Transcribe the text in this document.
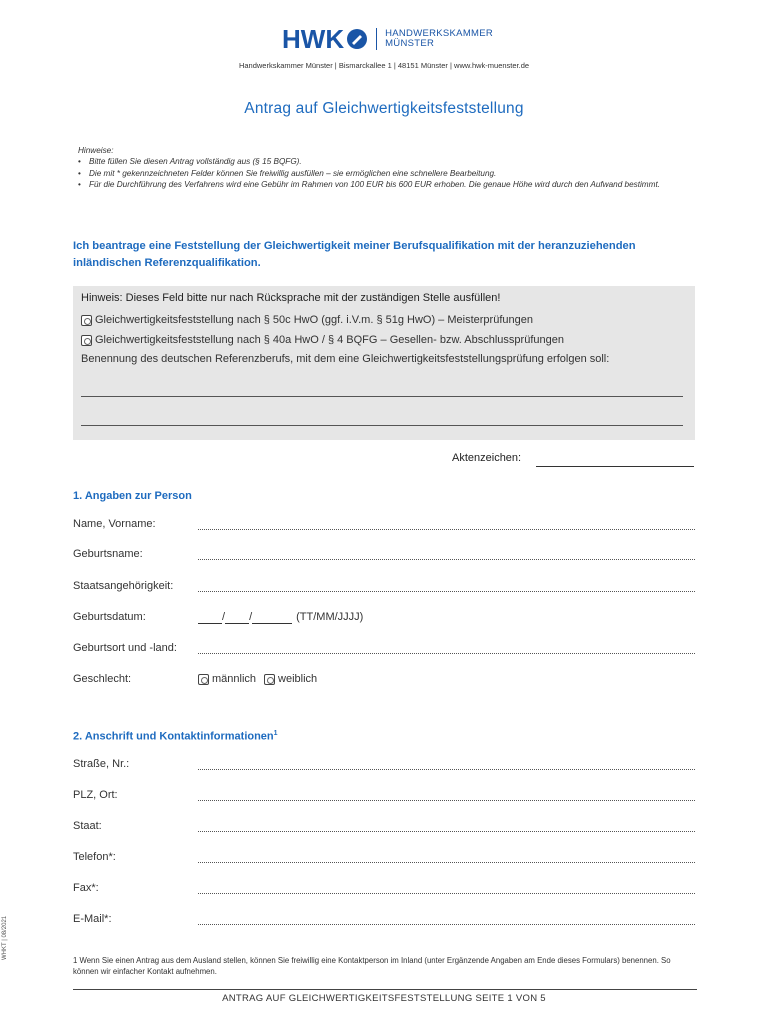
HWK	HANDWERKSKAMMER
MÜNSTER
Handwerkskammer Münster | Bismarckallee 1 | 48151 Münster | www.hwk-muenster.de
Antrag auf Gleichwertigkeitsfeststellung
Hinweise:
• Bitte füllen Sie diesen Antrag vollständig aus (§ 15 BQFG).
• Die mit * gekennzeichneten Felder können Sie freiwillig ausfüllen – sie ermöglichen eine schnellere Bearbeitung.
• Für die Durchführung des Verfahrens wird eine Gebühr im Rahmen von 100 EUR bis 600 EUR erhoben. Die genaue Höhe wird durch den Aufwand bestimmt.
Ich beantrage eine Feststellung der Gleichwertigkeit meiner Berufsqualifikation mit der heranzuziehenden inländischen Referenzqualifikation.
Hinweis: Dieses Feld bitte nur nach Rücksprache mit der zuständigen Stelle ausfüllen!
Gleichwertigkeitsfeststellung nach § 50c HwO (ggf. i.V.m. § 51g HwO) – Meisterprüfungen
Gleichwertigkeitsfeststellung nach § 40a HwO / § 4 BQFG – Gesellen- bzw. Abschlussprüfungen
Benennung des deutschen Referenzberufs, mit dem eine Gleichwertigkeitsfeststellungsprüfung erfolgen soll:
Aktenzeichen:
1. Angaben zur Person
Name, Vorname:
Geburtsname:
Staatsangehörigkeit:
Geburtsdatum:	/ /	(TT/MM/JJJJ)
Geburtsort und -land:
Geschlecht:	männlich weiblich
2. Anschrift und Kontaktinformationen$^1$
Straße, Nr.:
PLZ, Ort:
Staat:
Telefon*:
Fax*:
E-Mail*:
1 Wenn Sie einen Antrag aus dem Ausland stellen, können Sie freiwillig eine Kontaktperson im Inland (unter Ergänzende Angaben am Ende dieses Formulars) benennen. So können wir einfacher Kontakt aufnehmen.
ANTRAG AUF GLEICHWERTIGKEITSFESTSTELLUNG SEITE 1 VON 5
WHKT | 08/2021
